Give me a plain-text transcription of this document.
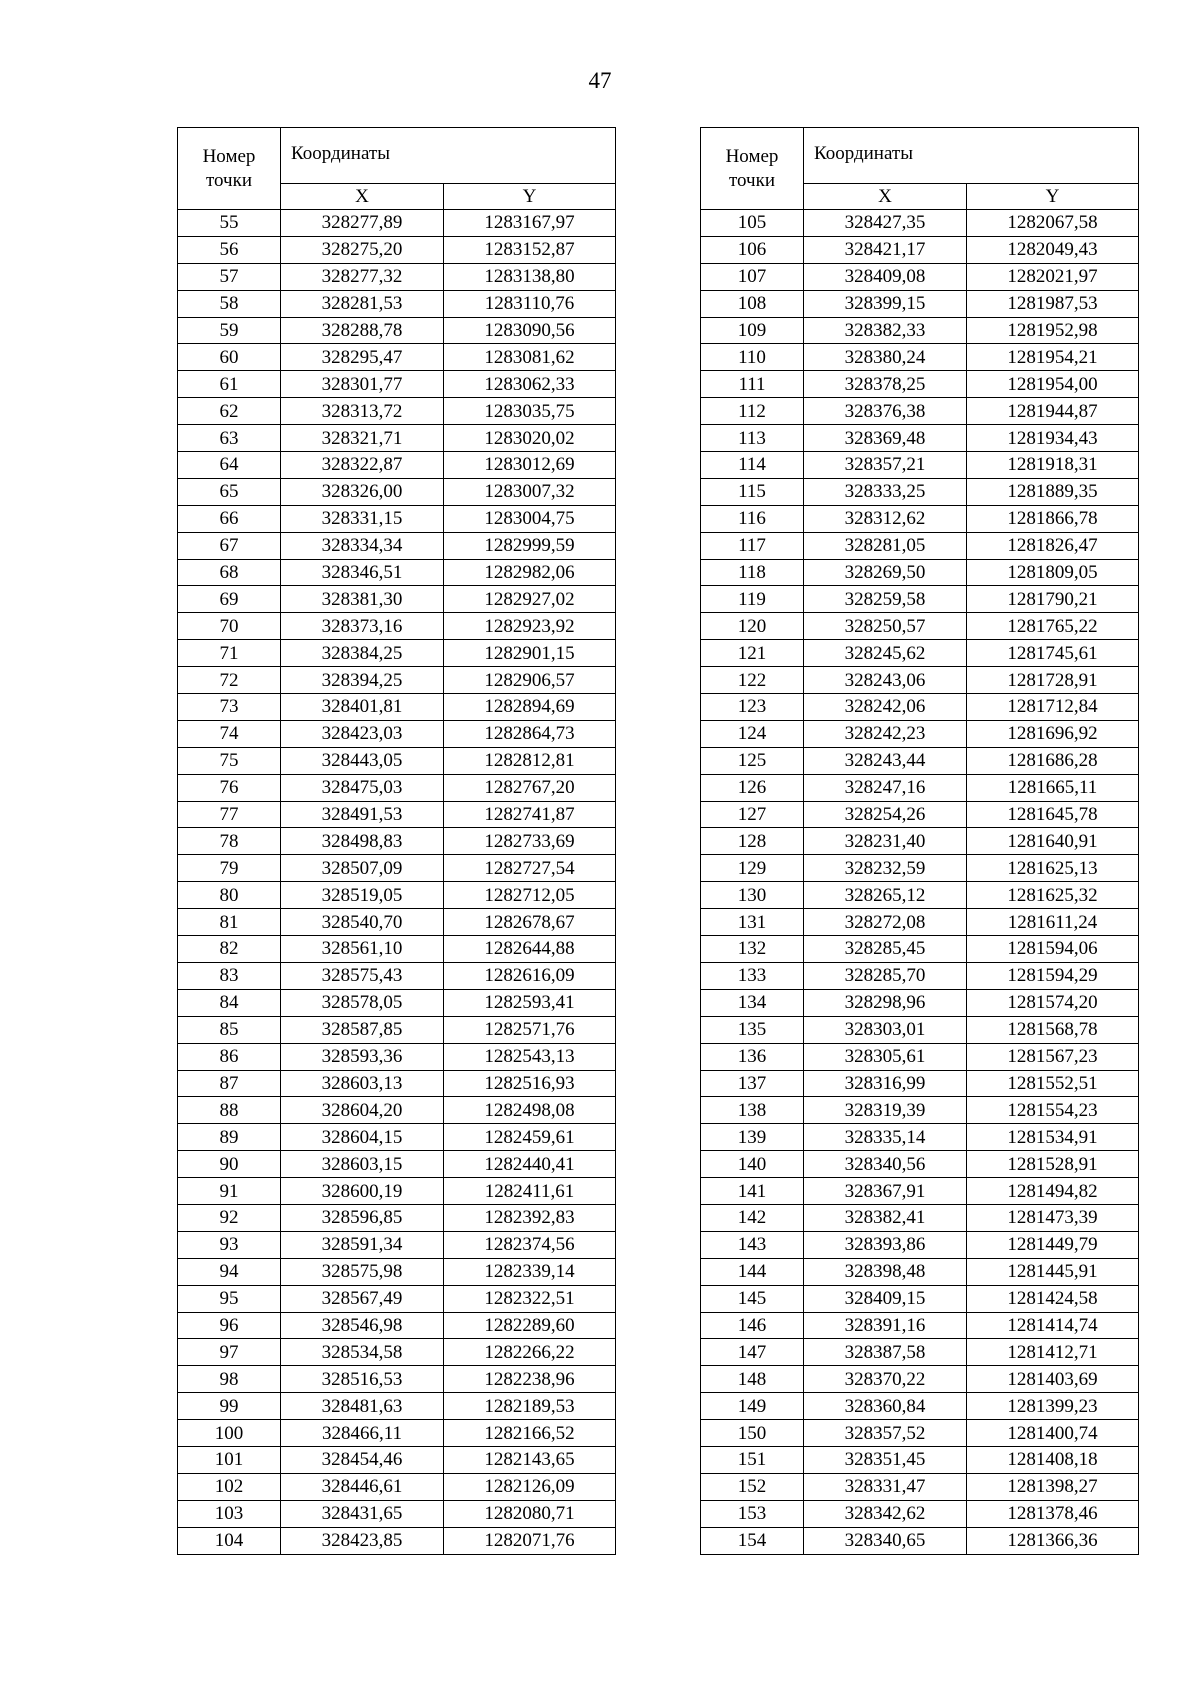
47
Номер
точки	Координаты	
	X	Y
55	328277,89	1283167,97
56	328275,20	1283152,87
57	328277,32	1283138,80
58	328281,53	1283110,76
59	328288,78	1283090,56
60	328295,47	1283081,62
61	328301,77	1283062,33
62	328313,72	1283035,75
63	328321,71	1283020,02
64	328322,87	1283012,69
65	328326,00	1283007,32
66	328331,15	1283004,75
67	328334,34	1282999,59
68	328346,51	1282982,06
69	328381,30	1282927,02
70	328373,16	1282923,92
71	328384,25	1282901,15
72	328394,25	1282906,57
73	328401,81	1282894,69
74	328423,03	1282864,73
75	328443,05	1282812,81
76	328475,03	1282767,20
77	328491,53	1282741,87
78	328498,83	1282733,69
79	328507,09	1282727,54
80	328519,05	1282712,05
81	328540,70	1282678,67
82	328561,10	1282644,88
83	328575,43	1282616,09
84	328578,05	1282593,41
85	328587,85	1282571,76
86	328593,36	1282543,13
87	328603,13	1282516,93
88	328604,20	1282498,08
89	328604,15	1282459,61
90	328603,15	1282440,41
91	328600,19	1282411,61
92	328596,85	1282392,83
93	328591,34	1282374,56
94	328575,98	1282339,14
95	328567,49	1282322,51
96	328546,98	1282289,60
97	328534,58	1282266,22
98	328516,53	1282238,96
99	328481,63	1282189,53
100	328466,11	1282166,52
101	328454,46	1282143,65
102	328446,61	1282126,09
103	328431,65	1282080,71
104	328423,85	1282071,76
Номер
точки	Координаты	
	X	Y
105	328427,35	1282067,58
106	328421,17	1282049,43
107	328409,08	1282021,97
108	328399,15	1281987,53
109	328382,33	1281952,98
110	328380,24	1281954,21
111	328378,25	1281954,00
112	328376,38	1281944,87
113	328369,48	1281934,43
114	328357,21	1281918,31
115	328333,25	1281889,35
116	328312,62	1281866,78
117	328281,05	1281826,47
118	328269,50	1281809,05
119	328259,58	1281790,21
120	328250,57	1281765,22
121	328245,62	1281745,61
122	328243,06	1281728,91
123	328242,06	1281712,84
124	328242,23	1281696,92
125	328243,44	1281686,28
126	328247,16	1281665,11
127	328254,26	1281645,78
128	328231,40	1281640,91
129	328232,59	1281625,13
130	328265,12	1281625,32
131	328272,08	1281611,24
132	328285,45	1281594,06
133	328285,70	1281594,29
134	328298,96	1281574,20
135	328303,01	1281568,78
136	328305,61	1281567,23
137	328316,99	1281552,51
138	328319,39	1281554,23
139	328335,14	1281534,91
140	328340,56	1281528,91
141	328367,91	1281494,82
142	328382,41	1281473,39
143	328393,86	1281449,79
144	328398,48	1281445,91
145	328409,15	1281424,58
146	328391,16	1281414,74
147	328387,58	1281412,71
148	328370,22	1281403,69
149	328360,84	1281399,23
150	328357,52	1281400,74
151	328351,45	1281408,18
152	328331,47	1281398,27
153	328342,62	1281378,46
154	328340,65	1281366,36
